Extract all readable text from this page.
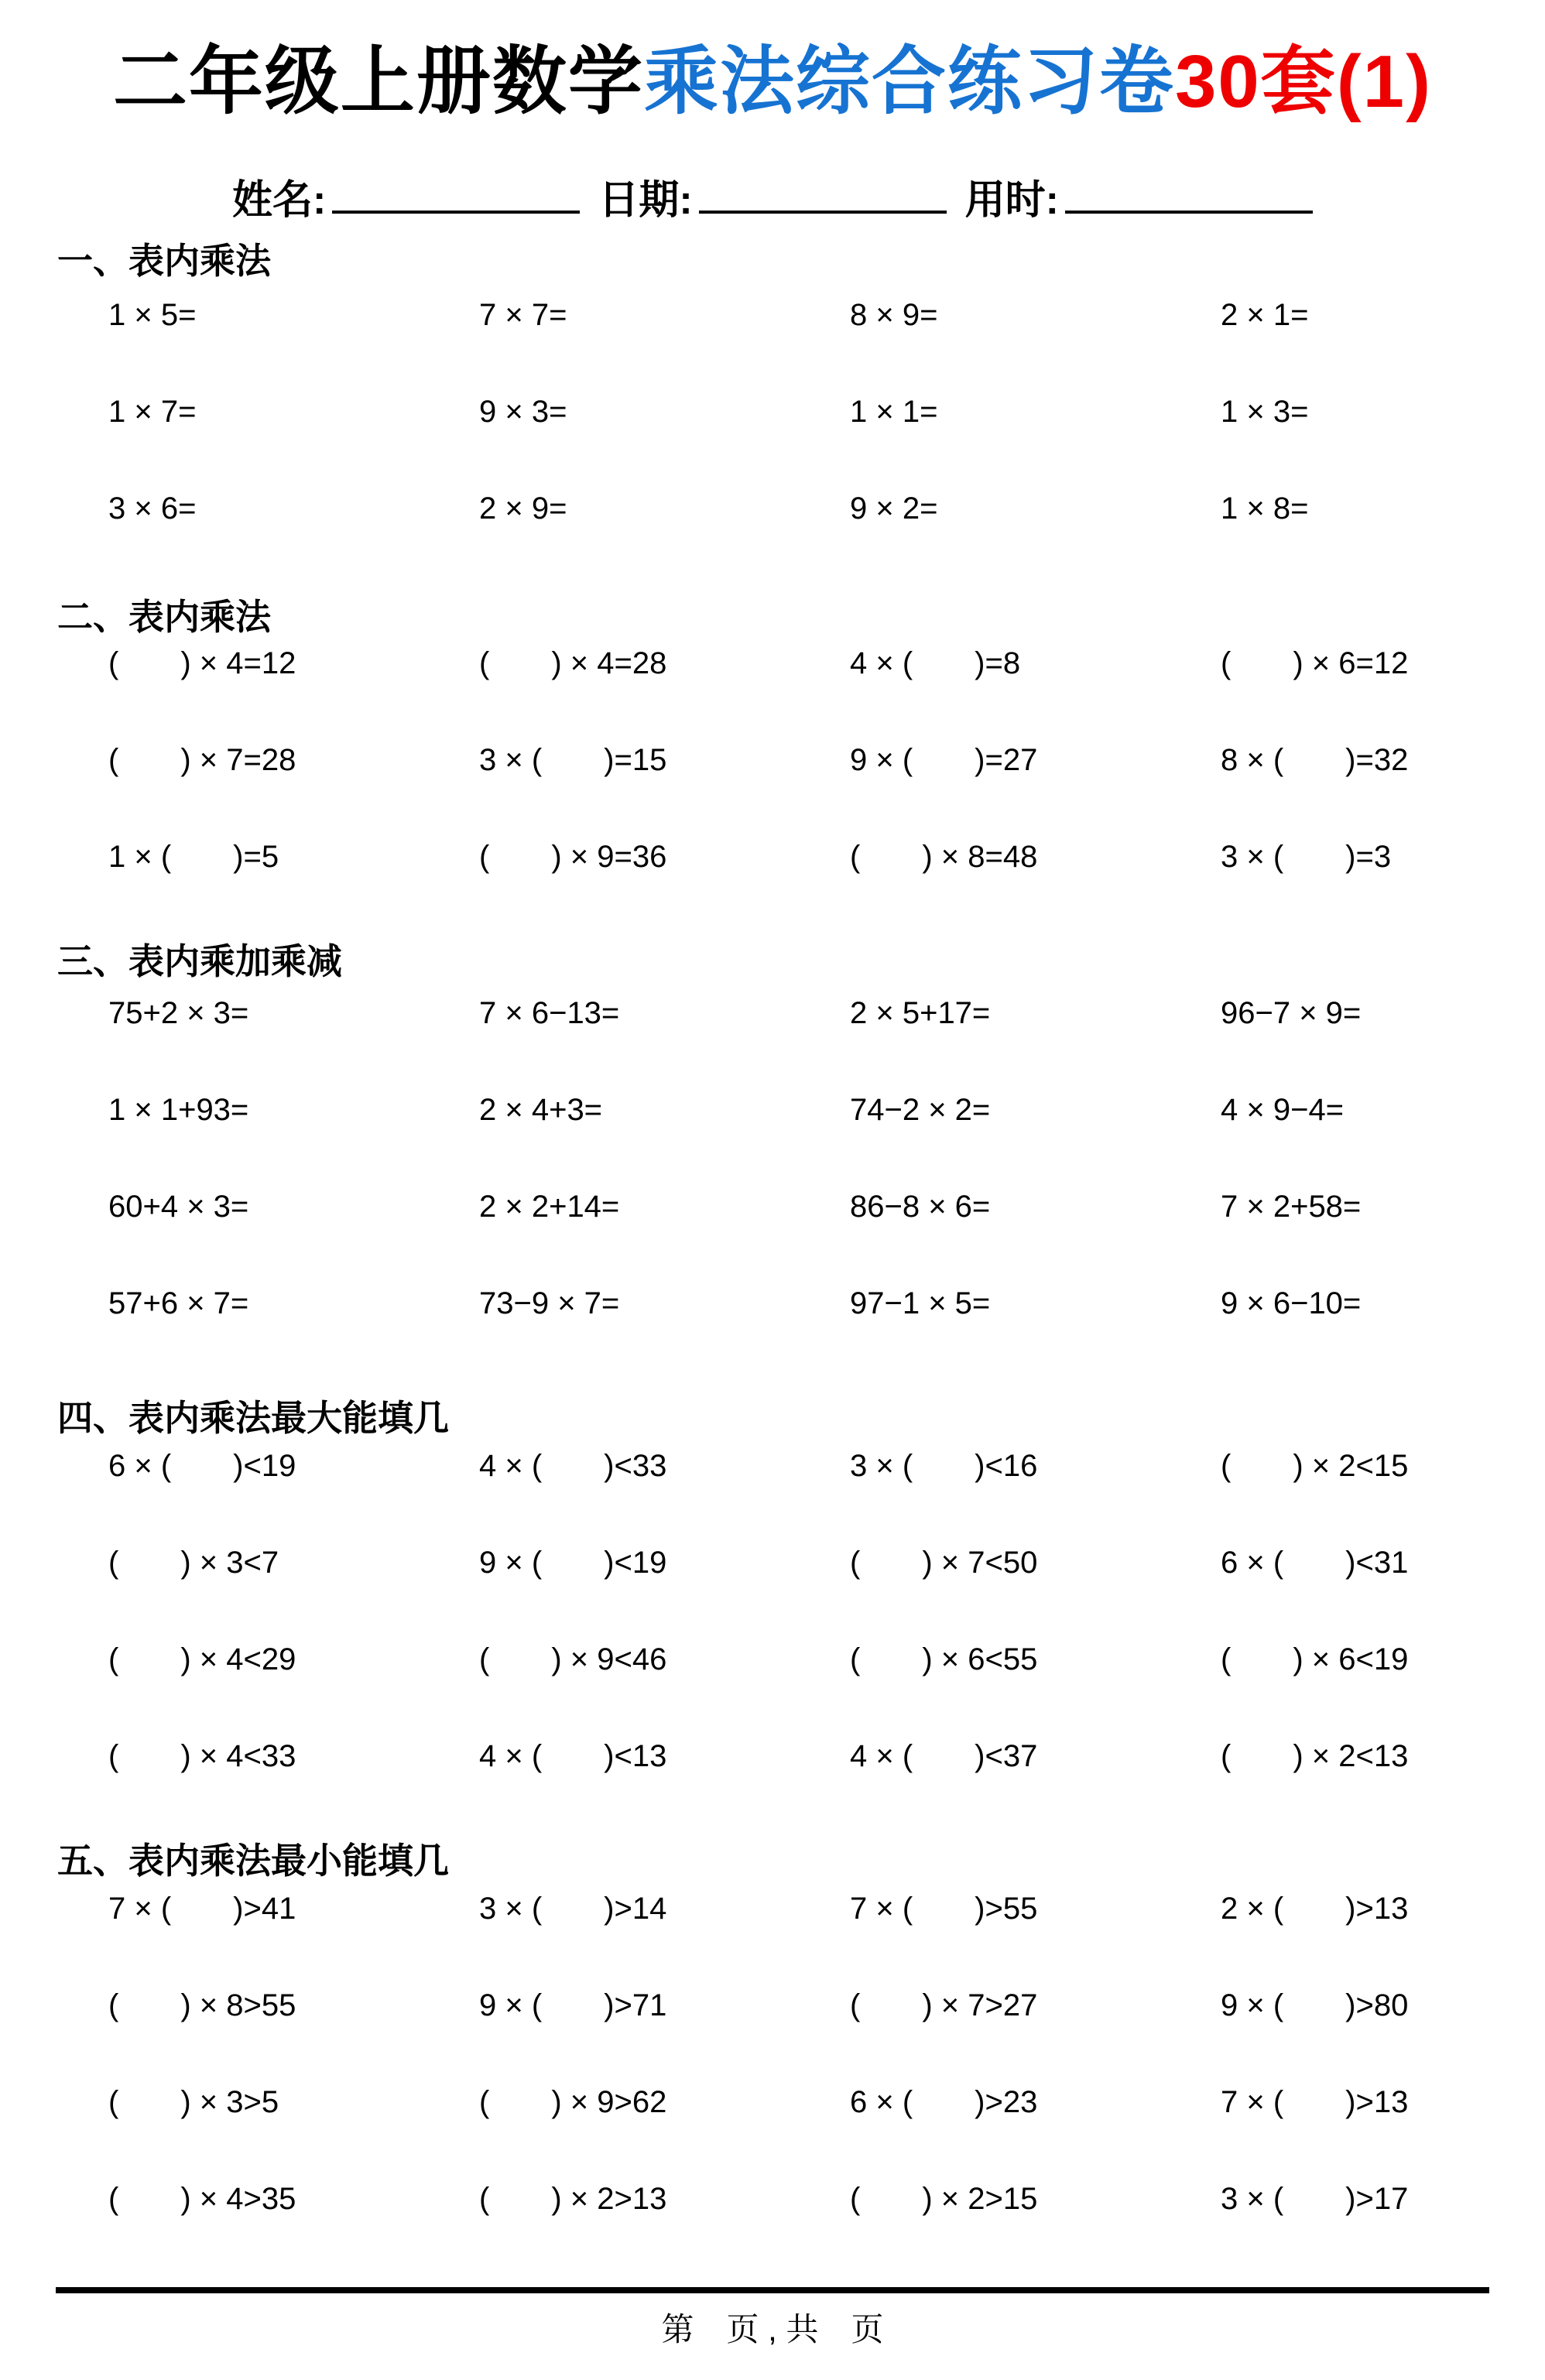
二年级上册数学乘法综合练习卷30套(1)
姓名:	日期:	用时:
一、表内乘法
1 × 5=	7 × 7=	8 × 9=	2 × 1=
1 × 7=	9 × 3=	1 × 1=	1 × 3=
3 × 6=	2 × 9=	9 × 2=	1 × 8=
二、表内乘法
(　　) × 4=12	(　　) × 4=28	4 × (　　)=8	(　　) × 6=12
(　　) × 7=28	3 × (　　)=15	9 × (　　)=27	8 × (　　)=32
1 × (　　)=5	(　　) × 9=36	(　　) × 8=48	3 × (　　)=3
三、表内乘加乘减
75+2 × 3=	7 × 6−13=	2 × 5+17=	96−7 × 9=
1 × 1+93=	2 × 4+3=	74−2 × 2=	4 × 9−4=
60+4 × 3=	2 × 2+14=	86−8 × 6=	7 × 2+58=
57+6 × 7=	73−9 × 7=	97−1 × 5=	9 × 6−10=
四、表内乘法最大能填几
6 × (　　)<19	4 × (　　)<33	3 × (　　)<16	(　　) × 2<15
(　　) × 3<7	9 × (　　)<19	(　　) × 7<50	6 × (　　)<31
(　　) × 4<29	(　　) × 9<46	(　　) × 6<55	(　　) × 6<19
(　　) × 4<33	4 × (　　)<13	4 × (　　)<37	(　　) × 2<13
五、表内乘法最小能填几
7 × (　　)>41	3 × (　　)>14	7 × (　　)>55	2 × (　　)>13
(　　) × 8>55	9 × (　　)>71	(　　) × 7>27	9 × (　　)>80
(　　) × 3>5	(　　) × 9>62	6 × (　　)>23	7 × (　　)>13
(　　) × 4>35	(　　) × 2>13	(　　) × 2>15	3 × (　　)>17
第　页 , 共　页
